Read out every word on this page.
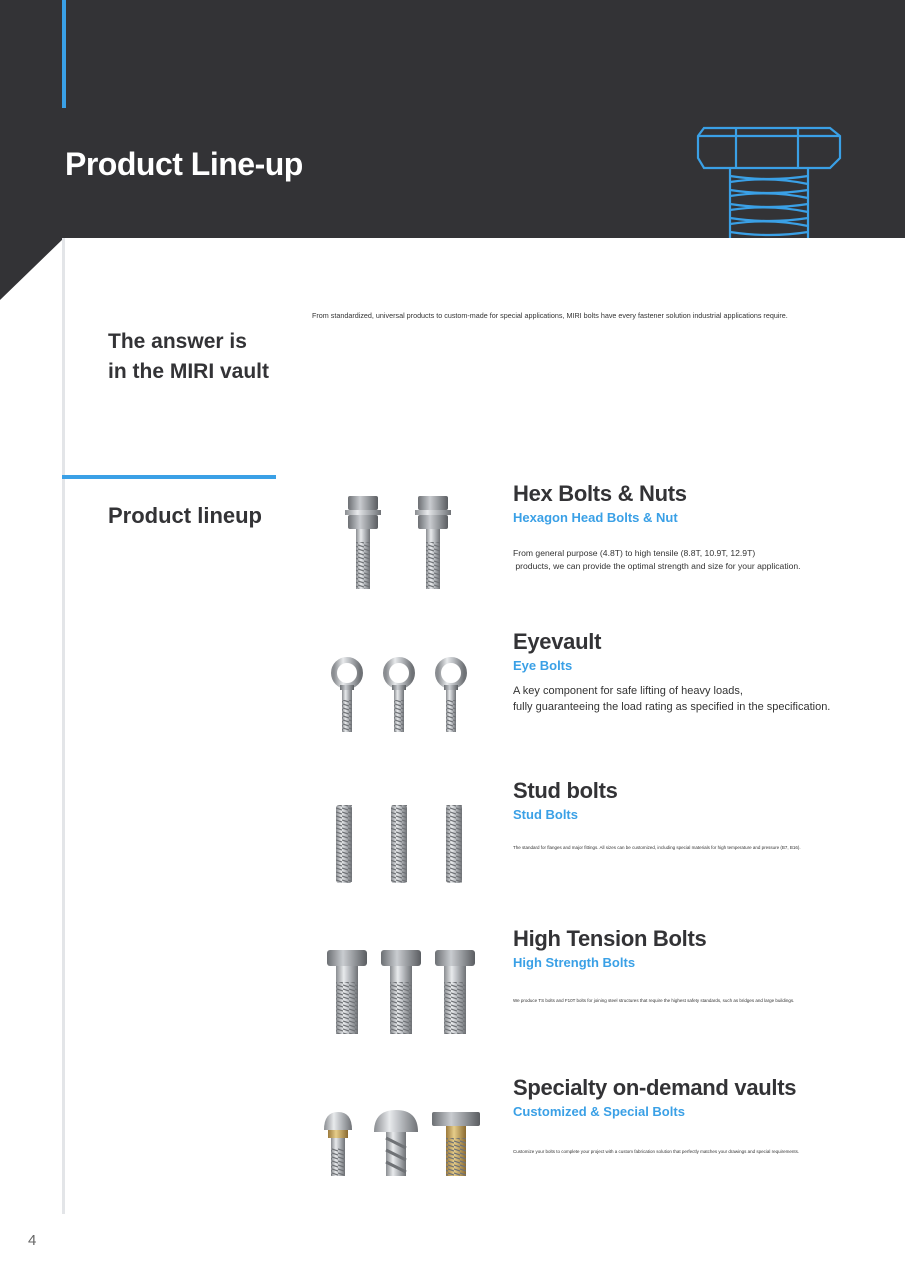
Product Line-up
From standardized, universal products to custom-made for special applications, MIRI bolts have every fastener solution industrial applications require.
The answer is
in the MIRI vault
Product lineup
Hex Bolts & Nuts
Hexagon Head Bolts & Nut
From general purpose (4.8T) to high tensile (8.8T, 10.9T, 12.9T)
products, we can provide the optimal strength and size for your application.
Eyevault
Eye Bolts
A key component for safe lifting of heavy loads,
fully guaranteeing the load rating as specified in the specification.
Stud bolts
Stud Bolts
The standard for flanges and major fittings. All sizes can be customized, including special materials for high temperature and pressure (B7, B16).
High Tension Bolts
High Strength Bolts
We produce TS bolts and F10T bolts for joining steel structures that require the highest safety standards, such as bridges and large buildings.
Specialty on-demand vaults
Customized & Special Bolts
Customize your bolts to complete your project with a custom fabrication solution that perfectly matches your drawings and special requirements.
4
